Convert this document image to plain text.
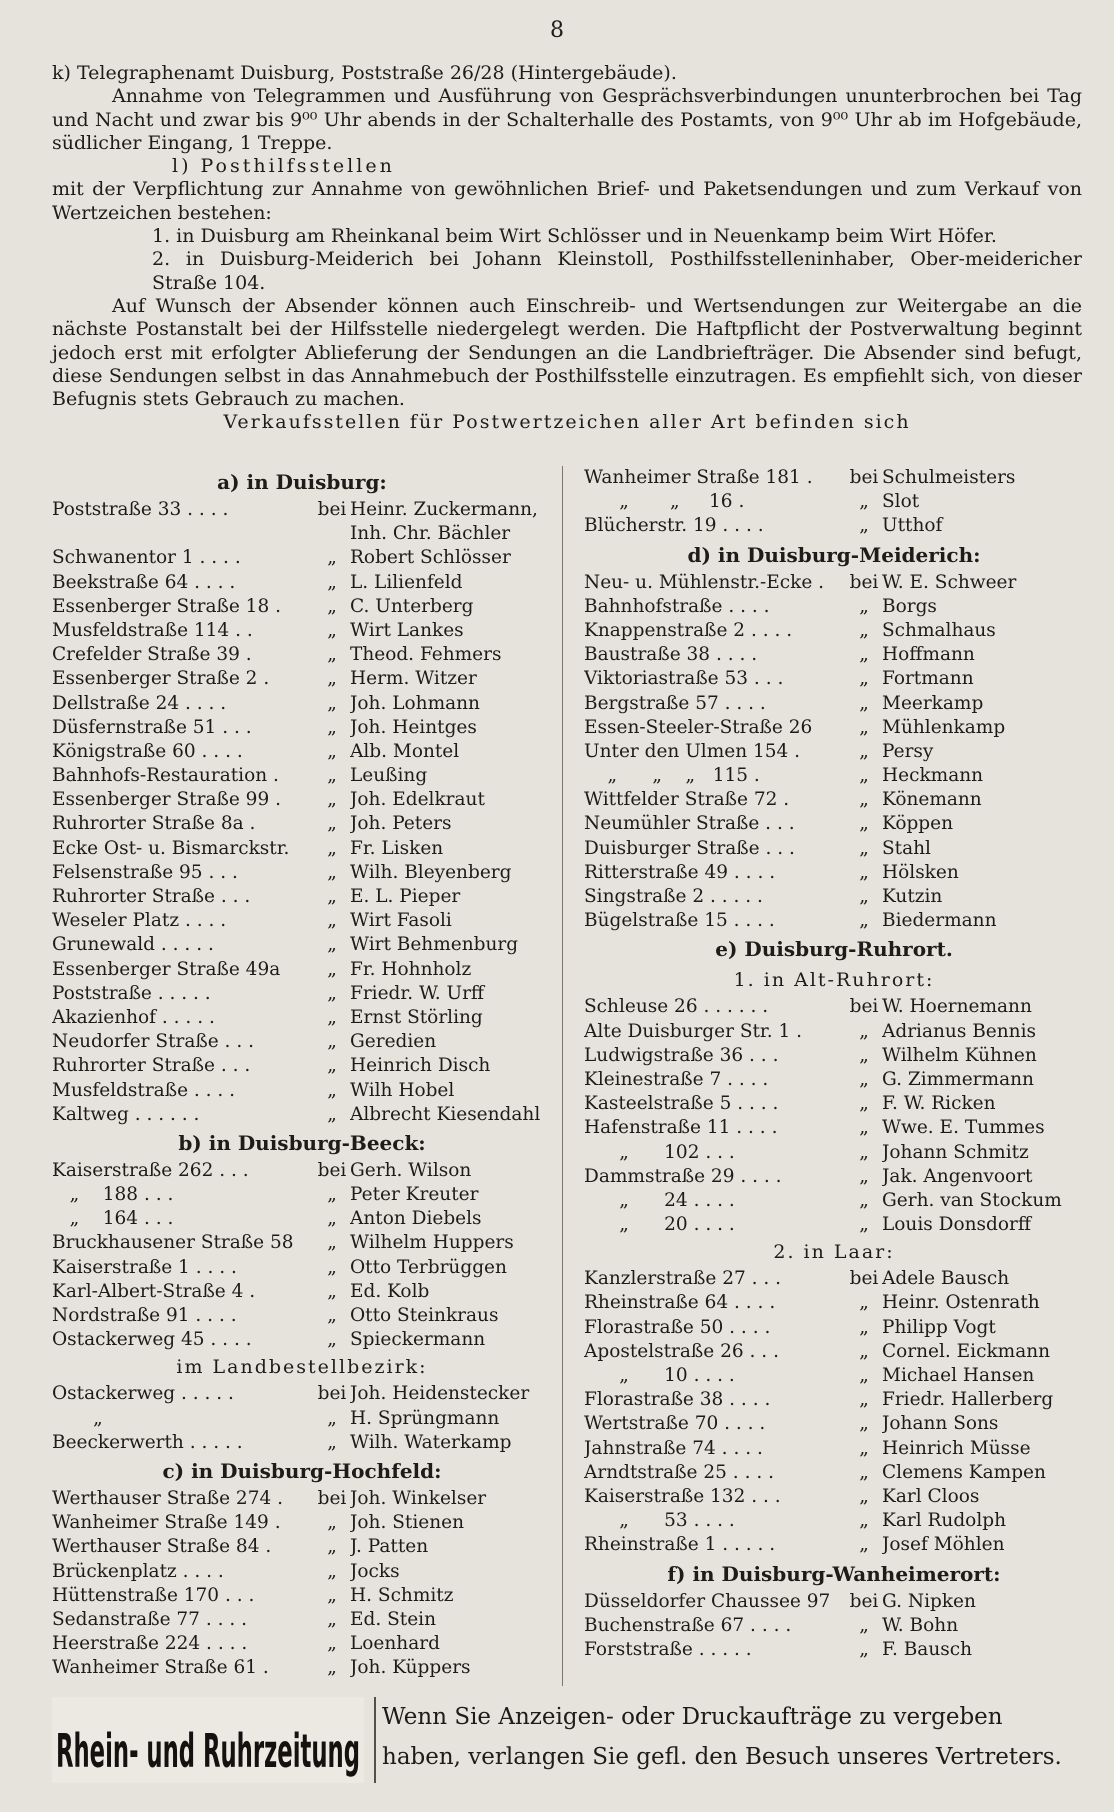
8

k) Telegraphenamt Duisburg, Poststraße 26/28 (Hintergebäude).

Annahme von Telegrammen und Ausführung von Gesprächsverbindungen ununterbrochen bei Tag und Nacht und zwar bis 9⁰⁰ Uhr abends in der Schalterhalle des Postamts, von 9⁰⁰ Uhr ab im Hofgebäude, südlicher Eingang, 1 Treppe.

l) Posthilfsstellen

mit der Verpflichtung zur Annahme von gewöhnlichen Brief- und Paketsendungen und zum Verkauf von Wertzeichen bestehen:

1. in Duisburg am Rheinkanal beim Wirt Schlösser und in Neuenkamp beim Wirt Höfer.

2. in Duisburg-Meiderich bei Johann Kleinstoll, Posthilfsstelleninhaber, Ober-meidericher Straße 104.

Auf Wunsch der Absender können auch Einschreib- und Wertsendungen zur Weitergabe an die nächste Postanstalt bei der Hilfsstelle niedergelegt werden. Die Haftpflicht der Postverwaltung beginnt jedoch erst mit erfolgter Ablieferung der Sendungen an die Landbriefträger. Die Absender sind befugt, diese Sendungen selbst in das Annahmebuch der Posthilfsstelle einzutragen. Es empfiehlt sich, von dieser Befugnis stets Gebrauch zu machen.

Verkaufsstellen für Postwertzeichen aller Art befinden sich

a) in Duisburg:
Poststraße 33 . . . .	bei Heinr. Zuckermann,
Inh. Chr. Bächler
Schwanentor 1 . . . .	„ Robert Schlösser
Beekstraße 64 . . . .	„ L. Lilienfeld
Essenberger Straße 18 .	„ C. Unterberg
Musfeldstraße 114 . .	„ Wirt Lankes
Crefelder Straße 39 .	„ Theod. Fehmers
Essenberger Straße 2 .	„ Herm. Witzer
Dellstraße 24 . . . .	„ Joh. Lohmann
Düsfernstraße 51 . . .	„ Joh. Heintges
Königstraße 60 . . . .	„ Alb. Montel
Bahnhofs-Restauration .	„ Leußing
Essenberger Straße 99 .	„ Joh. Edelkraut
Ruhrorter Straße 8a .	„ Joh. Peters
Ecke Ost- u. Bismarckstr.	„ Fr. Lisken
Felsenstraße 95 . . .	„ Wilh. Bleyenberg
Ruhrorter Straße . . .	„ E. L. Pieper
Weseler Platz . . . .	„ Wirt Fasoli
Grunewald . . . . .	„ Wirt Behmenburg
Essenberger Straße 49a	„ Fr. Hohnholz
Poststraße . . . . .	„ Friedr. W. Urff
Akazienhof . . . . .	„ Ernst Störling
Neudorfer Straße . . .	„ Geredien
Ruhrorter Straße . . .	„ Heinrich Disch
Musfeldstraße . . . .	„ Wilh Hobel
Kaltweg . . . . . .	„ Albrecht Kiesendahl
b) in Duisburg-Beeck:
Kaiserstraße 262 . . .	bei Gerh. Wilson
„    188 . . .	„ Peter Kreuter
„    164 . . .	„ Anton Diebels
Bruckhausener Straße 58	„ Wilhelm Huppers
Kaiserstraße 1 . . . .	„ Otto Terbrüggen
Karl-Albert-Straße 4 .	„ Ed. Kolb
Nordstraße 91 . . . .	„ Otto Steinkraus
Ostackerweg 45 . . . .	„ Spieckermann
im Landbestellbezirk:
Ostackerweg . . . . .	bei Joh. Heidenstecker
„	„ H. Sprüngmann
Beeckerwerth . . . . .	„ Wilh. Waterkamp
c) in Duisburg-Hochfeld:
Werthauser Straße 274 .	bei Joh. Winkelser
Wanheimer Straße 149 .	„ Joh. Stienen
Werthauser Straße 84 .	„ J. Patten
Brückenplatz . . . .	„ Jocks
Hüttenstraße 170 . . .	„ H. Schmitz
Sedanstraße 77 . . . .	„ Ed. Stein
Heerstraße 224 . . . .	„ Loenhard
Wanheimer Straße 61 .	„ Joh. Küppers
Wanheimer Straße 181 .	bei Schulmeisters
„       „     16 .	„ Slot
Blücherstr. 19 . . . .	„ Utthof
d) in Duisburg-Meiderich:
Neu- u. Mühlenstr.-Ecke .	bei W. E. Schweer
Bahnhofstraße . . . .	„ Borgs
Knappenstraße 2 . . . .	„ Schmalhaus
Baustraße 38 . . . .	„ Hoffmann
Viktoriastraße 53 . . .	„ Fortmann
Bergstraße 57 . . . .	„ Meerkamp
Essen-Steeler-Straße 26	„ Mühlenkamp
Unter den Ulmen 154 .	„ Persy
„      „    „   115 .	„ Heckmann
Wittfelder Straße 72 .	„ Könemann
Neumühler Straße . . .	„ Köppen
Duisburger Straße . . .	„ Stahl
Ritterstraße 49 . . . .	„ Hölsken
Singstraße 2 . . . . .	„ Kutzin
Bügelstraße 15 . . . .	„ Biedermann
e) Duisburg-Ruhrort.
1. in Alt-Ruhrort:
Schleuse 26 . . . . . .	bei W. Hoernemann
Alte Duisburger Str. 1 .	„ Adrianus Bennis
Ludwigstraße 36 . . .	„ Wilhelm Kühnen
Kleinestraße 7 . . . .	„ G. Zimmermann
Kasteelstraße 5 . . . .	„ F. W. Ricken
Hafenstraße 11 . . . .	„ Wwe. E. Tummes
„      102 . . .	„ Johann Schmitz
Dammstraße 29 . . . .	„ Jak. Angenvoort
„      24 . . . .	„ Gerh. van Stockum
„      20 . . . .	„ Louis Donsdorff
2. in Laar:
Kanzlerstraße 27 . . .	bei Adele Bausch
Rheinstraße 64 . . . .	„ Heinr. Ostenrath
Florastraße 50 . . . .	„ Philipp Vogt
Apostelstraße 26 . . .	„ Cornel. Eickmann
„      10 . . . .	„ Michael Hansen
Florastraße 38 . . . .	„ Friedr. Hallerberg
Wertstraße 70 . . . .	„ Johann Sons
Jahnstraße 74 . . . .	„ Heinrich Müsse
Arndtstraße 25 . . . .	„ Clemens Kampen
Kaiserstraße 132 . . .	„ Karl Cloos
„      53 . . . .	„ Karl Rudolph
Rheinstraße 1 . . . . .	„ Josef Möhlen
f) in Duisburg-Wanheimerort:
Düsseldorfer Chaussee 97	bei G. Nipken
Buchenstraße 67 . . . .	„ W. Bohn
Forststraße . . . . .	„ F. Bausch
Rhein- und Ruhrzeitung
Wenn Sie Anzeigen- oder Druckaufträge zu vergeben
haben, verlangen Sie gefl. den Besuch unseres Vertreters.
